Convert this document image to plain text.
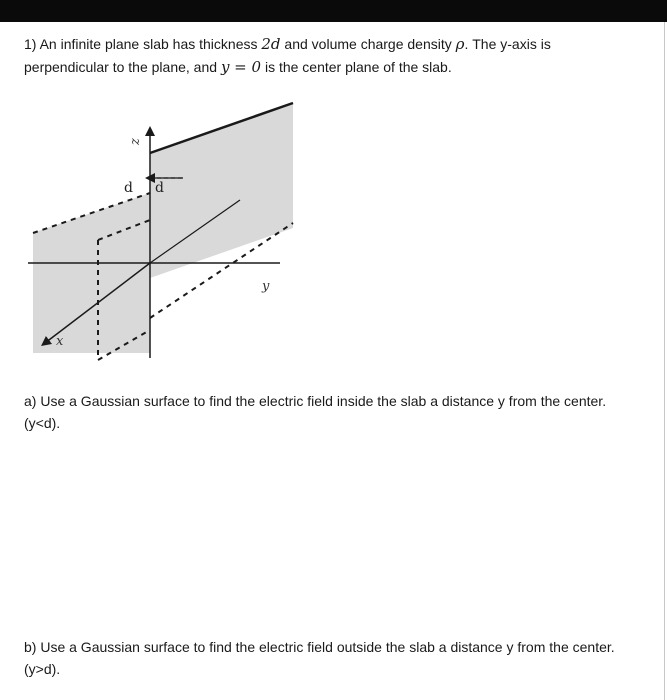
1) An infinite plane slab has thickness 2d and volume charge density ρ. The y-axis is
perpendicular to the plane, and y = 0 is the center plane of the slab.
z
y
x
d d
a) Use a Gaussian surface to find the electric field inside the slab a distance y from the center.
(y<d).
b) Use a Gaussian surface to find the electric field outside the slab a distance y from the center.
(y>d).
